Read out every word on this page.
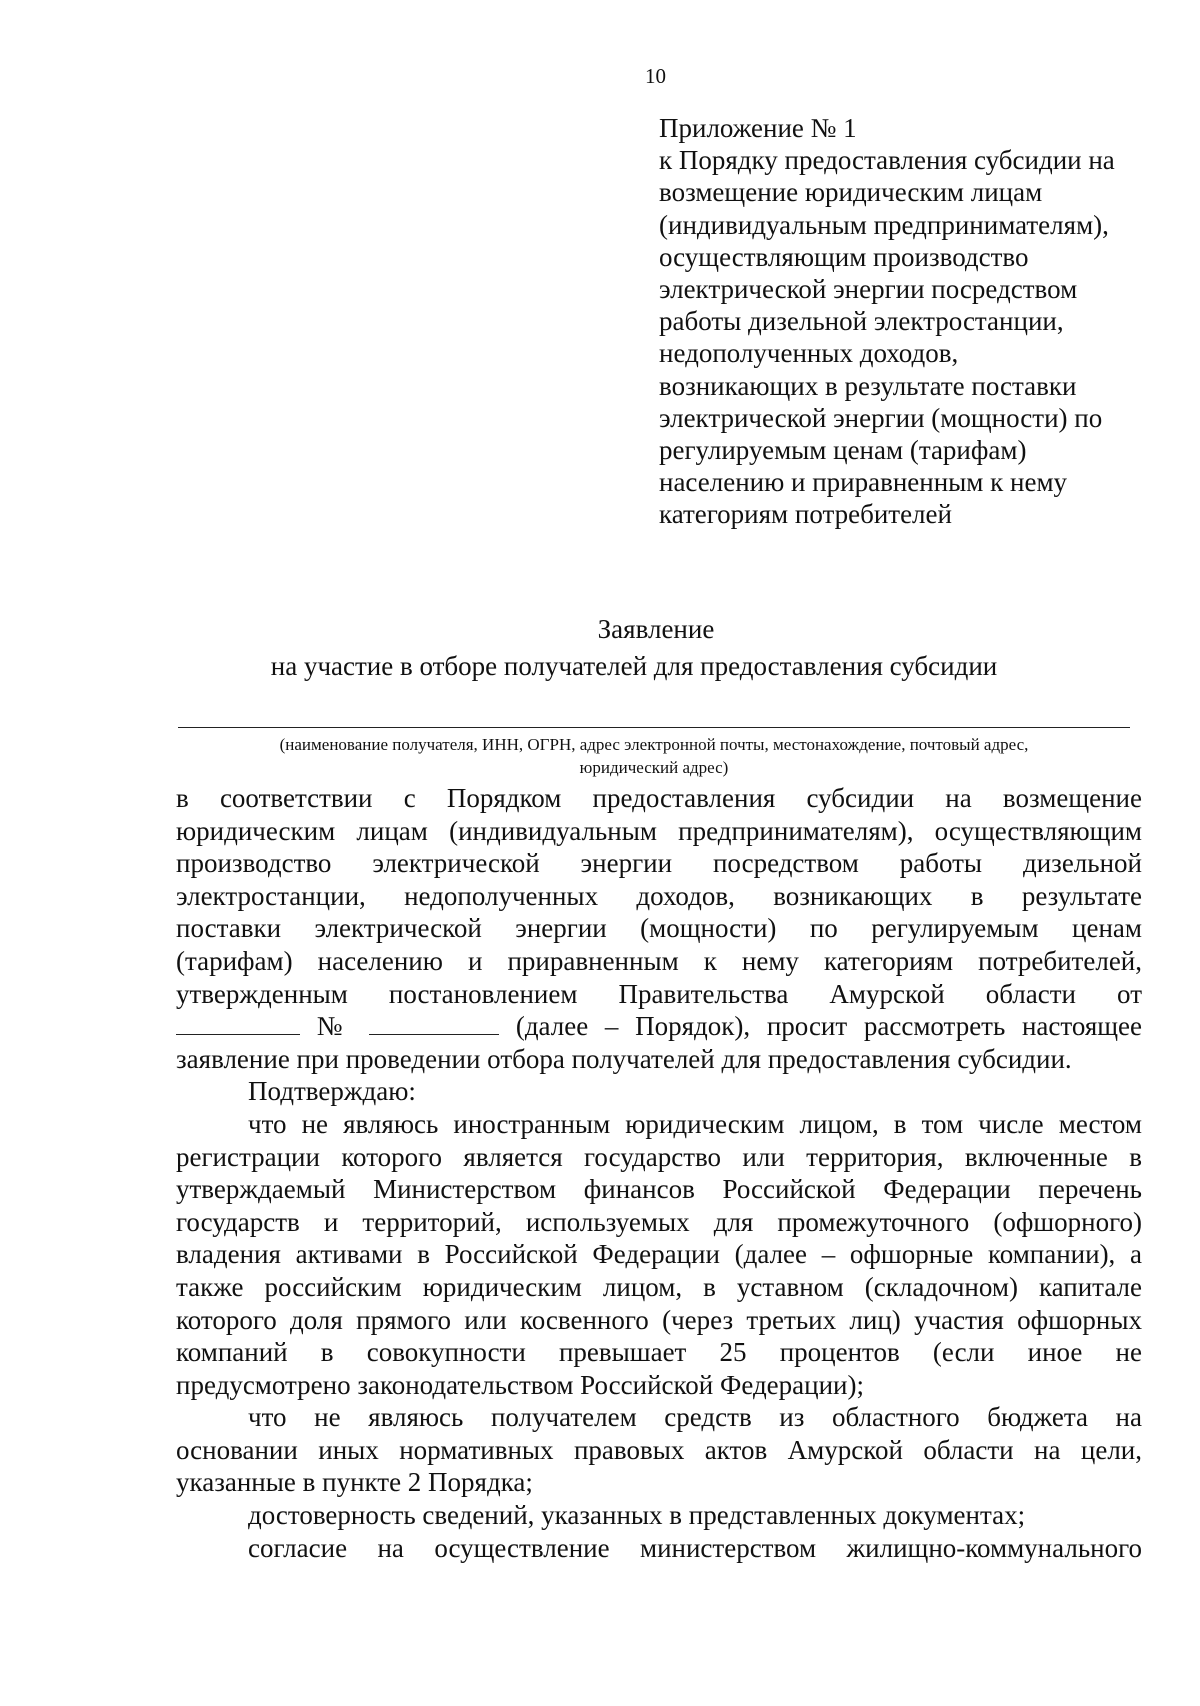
10
Приложение № 1
к Порядку предоставления субсидии на
возмещение юридическим лицам
(индивидуальным предпринимателям),
осуществляющим производство
электрической энергии посредством
работы дизельной электростанции,
недополученных доходов,
возникающих в результате поставки
электрической энергии (мощности) по
регулируемым ценам (тарифам)
населению и приравненным к нему
категориям потребителей
Заявление
на участие в отборе получателей для предоставления субсидии
(наименование получателя, ИНН, ОГРН, адрес электронной почты, местонахождение, почтовый адрес,
юридический адрес)
в соответствии с Порядком предоставления субсидии на возмещение
юридическим лицам (индивидуальным предпринимателям), осуществляющим
производство электрической энергии посредством работы дизельной
электростанции, недополученных доходов, возникающих в результате
поставки электрической энергии (мощности) по регулируемым ценам
(тарифам) населению и приравненным к нему категориям потребителей,
утвержденным постановлением Правительства Амурской области от
№	(далее – Порядок), просит рассмотреть настоящее
заявление при проведении отбора получателей для предоставления субсидии.
Подтверждаю:
что не являюсь иностранным юридическим лицом, в том числе местом
регистрации которого является государство или территория, включенные в
утверждаемый Министерством финансов Российской Федерации перечень
государств и территорий, используемых для промежуточного (офшорного)
владения активами в Российской Федерации (далее – офшорные компании), а
также российским юридическим лицом, в уставном (складочном) капитале
которого доля прямого или косвенного (через третьих лиц) участия офшорных
компаний в совокупности превышает 25 процентов (если иное не
предусмотрено законодательством Российской Федерации);
что не являюсь получателем средств из областного бюджета на
основании иных нормативных правовых актов Амурской области на цели,
указанные в пункте 2 Порядка;
достоверность сведений, указанных в представленных документах;
согласие на осуществление министерством жилищно-коммунального
